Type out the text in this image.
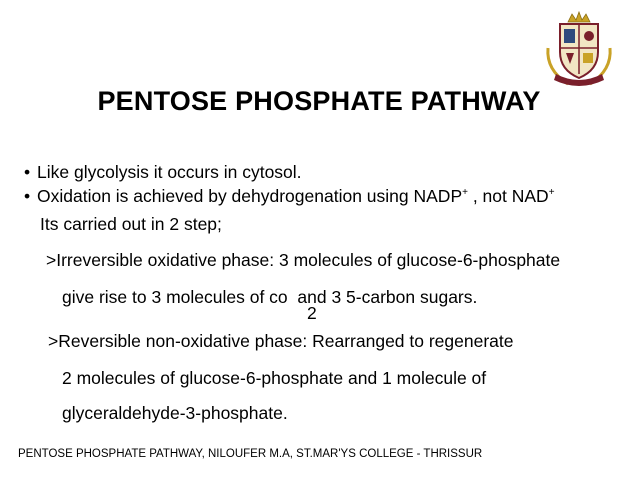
PENTOSE PHOSPHATE PATHWAY
• Like glycolysis it occurs in cytosol.
• Oxidation is achieved by dehydrogenation using NADP+ , not NAD+
Its carried out in 2 step;
>Irreversible oxidative phase: 3 molecules of glucose-6-phosphate
give rise to 3 molecules of co  and 3 5-carbon sugars.
2
>Reversible non-oxidative phase: Rearranged to regenerate
2 molecules of glucose-6-phosphate and 1 molecule of
glyceraldehyde-3-phosphate.
PENTOSE PHOSPHATE PATHWAY, NILOUFER M.A, ST.MAR'YS COLLEGE - THRISSUR
